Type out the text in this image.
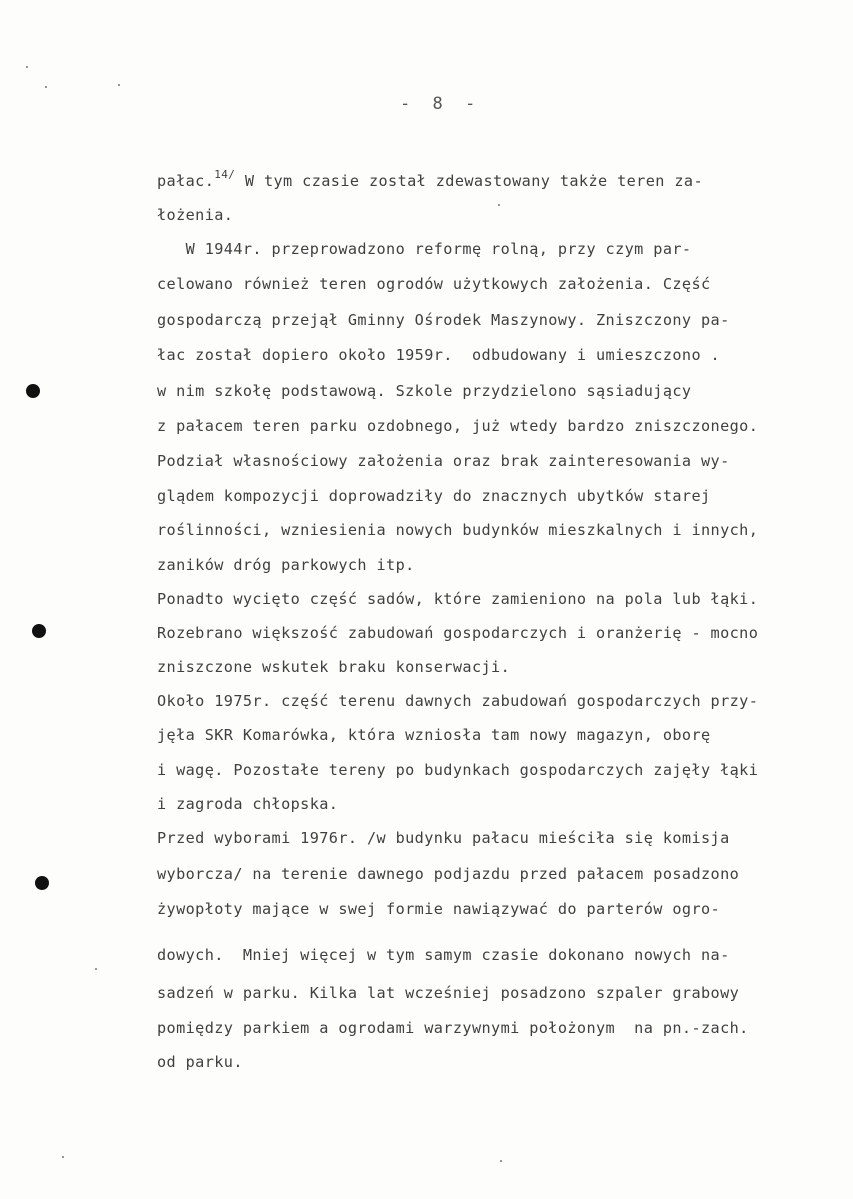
- 8 -
pałac.$^{14/}$ W tym czasie został zdewastowany także teren za-
łożenia.
W 1944r. przeprowadzono reformę rolną, przy czym par-
celowano również teren ogrodów użytkowych założenia. Część
gospodarczą przejął Gminny Ośrodek Maszynowy. Zniszczony pa-
łac został dopiero około 1959r.  odbudowany i umieszczono .
w nim szkołę podstawową. Szkole przydzielono sąsiadujący
z pałacem teren parku ozdobnego, już wtedy bardzo zniszczonego.
Podział własnościowy założenia oraz brak zainteresowania wy-
glądem kompozycji doprowadziły do znacznych ubytków starej
roślinności, wzniesienia nowych budynków mieszkalnych i innych,
zaników dróg parkowych itp.
Ponadto wycięto część sadów, które zamieniono na pola lub łąki.
Rozebrano większość zabudowań gospodarczych i oranżerię - mocno
zniszczone wskutek braku konserwacji.
Około 1975r. część terenu dawnych zabudowań gospodarczych przy-
jęła SKR Komarówka, która wzniosła tam nowy magazyn, oborę
i wagę. Pozostałe tereny po budynkach gospodarczych zajęły łąki
i zagroda chłopska.
Przed wyborami 1976r. /w budynku pałacu mieściła się komisja
wyborcza/ na terenie dawnego podjazdu przed pałacem posadzono
żywopłoty mające w swej formie nawiązywać do parterów ogro-
dowych.  Mniej więcej w tym samym czasie dokonano nowych na-
sadzeń w parku. Kilka lat wcześniej posadzono szpaler grabowy
pomiędzy parkiem a ogrodami warzywnymi położonym  na pn.-zach.
od parku.
